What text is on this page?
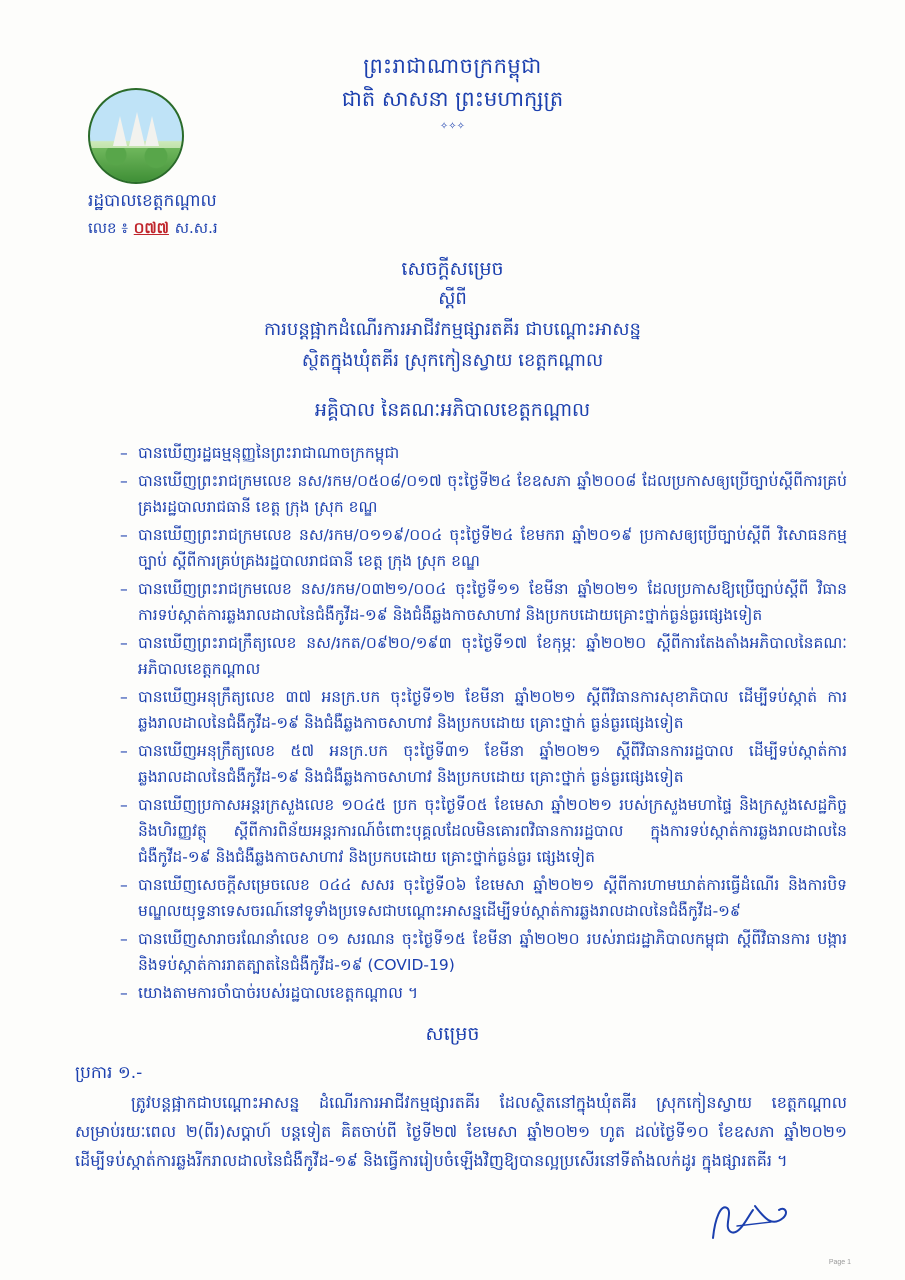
ព្រះរាជាណាចក្រកម្ពុជា
ជាតិ សាសនា ព្រះមហាក្សត្រ
✧✧✧
រដ្ឋបាលខេត្តកណ្ដាល
លេខ ៖ ០៧៧ ស.ស.រ
សេចក្តីសម្រេច
ស្តីពី
ការបន្តផ្អាកដំណើរការអាជីវកម្មផ្សារតគីរ ជាបណ្ដោះអាសន្ន
ស្ថិតក្នុងឃុំតគីរ ស្រុកកៀនស្វាយ ខេត្តកណ្ដាល
អគ្គិបាល នៃគណៈអភិបាលខេត្តកណ្ដាល
– បានឃើញរដ្ឋធម្មនុញ្ញនៃព្រះរាជាណាចក្រកម្ពុជា
– បានឃើញព្រះរាជក្រមលេខ នស/រកម/០៥០៨/០១៧ ចុះថ្ងៃទី២៤ ខែឧសភា ឆ្នាំ២០០៨ ដែលប្រកាសឲ្យប្រើច្បាប់ស្តីពីការគ្រប់គ្រងរដ្ឋបាលរាជធានី ខេត្ត ក្រុង ស្រុក ខណ្ឌ
– បានឃើញព្រះរាជក្រមលេខ នស/រកម/០១១៩/០០៤ ចុះថ្ងៃទី២៤ ខែមករា ឆ្នាំ២០១៩ ប្រកាសឲ្យប្រើច្បាប់ស្តីពី វិសោធនកម្មច្បាប់ ស្តីពីការគ្រប់គ្រងរដ្ឋបាលរាជធានី ខេត្ត ក្រុង ស្រុក ខណ្ឌ
– បានឃើញព្រះរាជក្រមលេខ នស/រកម/០៣២១/០០៤ ចុះថ្ងៃទី១១ ខែមីនា ឆ្នាំ២០២១ ដែលប្រកាសឱ្យប្រើច្បាប់ស្តីពី វិធានការទប់ស្កាត់ការឆ្លងរាលដាលនៃជំងឺកូវីដ-១៩ និងជំងឺឆ្លងកាចសាហាវ និងប្រកបដោយគ្រោះថ្នាក់ធ្ងន់ធ្ងរផ្សេងទៀត
– បានឃើញព្រះរាជក្រឹត្យលេខ នស/រកត/០៩២០/១៩៣ ចុះថ្ងៃទី១៧ ខែកុម្ភៈ ឆ្នាំ២០២០ ស្តីពីការតែងតាំងអភិបាលនៃគណៈអភិបាលខេត្តកណ្ដាល
– បានឃើញអនុក្រឹត្យលេខ ៣៧ អនក្រ.បក ចុះថ្ងៃទី១២ ខែមីនា ឆ្នាំ២០២១ ស្តីពីវិធានការសុខាភិបាល ដើម្បីទប់ស្កាត់ ការឆ្លងរាលដាលនៃជំងឺកូវីដ-១៩ និងជំងឺឆ្លងកាចសាហាវ និងប្រកបដោយ គ្រោះថ្នាក់ ធ្ងន់ធ្ងរផ្សេងទៀត
– បានឃើញអនុក្រឹត្យលេខ ៥៧ អនក្រ.បក ចុះថ្ងៃទី៣១ ខែមីនា ឆ្នាំ២០២១ ស្តីពីវិធានការរដ្ឋបាល ដើម្បីទប់ស្កាត់ការឆ្លងរាលដាលនៃជំងឺកូវីដ-១៩ និងជំងឺឆ្លងកាចសាហាវ និងប្រកបដោយ គ្រោះថ្នាក់ ធ្ងន់ធ្ងរផ្សេងទៀត
– បានឃើញប្រកាសអន្តរក្រសួងលេខ ១០៤៥ ប្រក ចុះថ្ងៃទី០៥ ខែមេសា ឆ្នាំ២០២១ របស់ក្រសួងមហាផ្ទៃ និងក្រសួងសេដ្ឋកិច្ច និងហិរញ្ញវត្ថុ ស្តីពីការពិន័យអន្តរការណ៍ចំពោះបុគ្គលដែលមិនគោរពវិធានការរដ្ឋបាល ក្នុងការទប់ស្កាត់ការឆ្លងរាលដាលនៃជំងឺកូវីដ-១៩ និងជំងឺឆ្លងកាចសាហាវ និងប្រកបដោយ គ្រោះថ្នាក់ធ្ងន់ធ្ងរ ផ្សេងទៀត
– បានឃើញសេចក្តីសម្រេចលេខ ០៤៤ សសរ ចុះថ្ងៃទី០៦ ខែមេសា ឆ្នាំ២០២១ ស្តីពីការហាមឃាត់ការធ្វើដំណើរ និងការបិទមណ្ឌលយុទ្ធនាទេសចរណ៍នៅទូទាំងប្រទេសជាបណ្ដោះអាសន្នដើម្បីទប់ស្កាត់ការឆ្លងរាលដាលនៃជំងឺកូវីដ-១៩
– បានឃើញសារាចរណែនាំលេខ ០១ សរណន ចុះថ្ងៃទី១៥ ខែមីនា ឆ្នាំ២០២០ របស់រាជរដ្ឋាភិបាលកម្ពុជា ស្តីពីវិធានការ បង្ការ និងទប់ស្កាត់ការរាតត្បាតនៃជំងឺកូវីដ-១៩ (COVID-19)
– យោងតាមការចាំបាច់របស់រដ្ឋបាលខេត្តកណ្ដាល ។
សម្រេច
ប្រការ ១.-
ត្រូវបន្តផ្អាកជាបណ្ដោះអាសន្ន ដំណើរការអាជីវកម្មផ្សារតគីរ ដែលស្ថិតនៅក្នុងឃុំតគីរ ស្រុកកៀនស្វាយ ខេត្តកណ្ដាល សម្រាប់រយៈពេល ២(ពីរ)សប្តាហ៍ បន្តទៀត គិតចាប់ពី ថ្ងៃទី២៧ ខែមេសា ឆ្នាំ២០២១ ហូត ដល់ថ្ងៃទី១០ ខែឧសភា ឆ្នាំ២០២១ ដើម្បីទប់ស្កាត់ការឆ្លងរីករាលដាលនៃជំងឺកូវីដ-១៩ និងធ្វើការរៀបចំឡើងវិញឱ្យបានល្អប្រសើរនៅទីតាំងលក់ដូរ ក្នុងផ្សារតគីរ ។
Page 1
